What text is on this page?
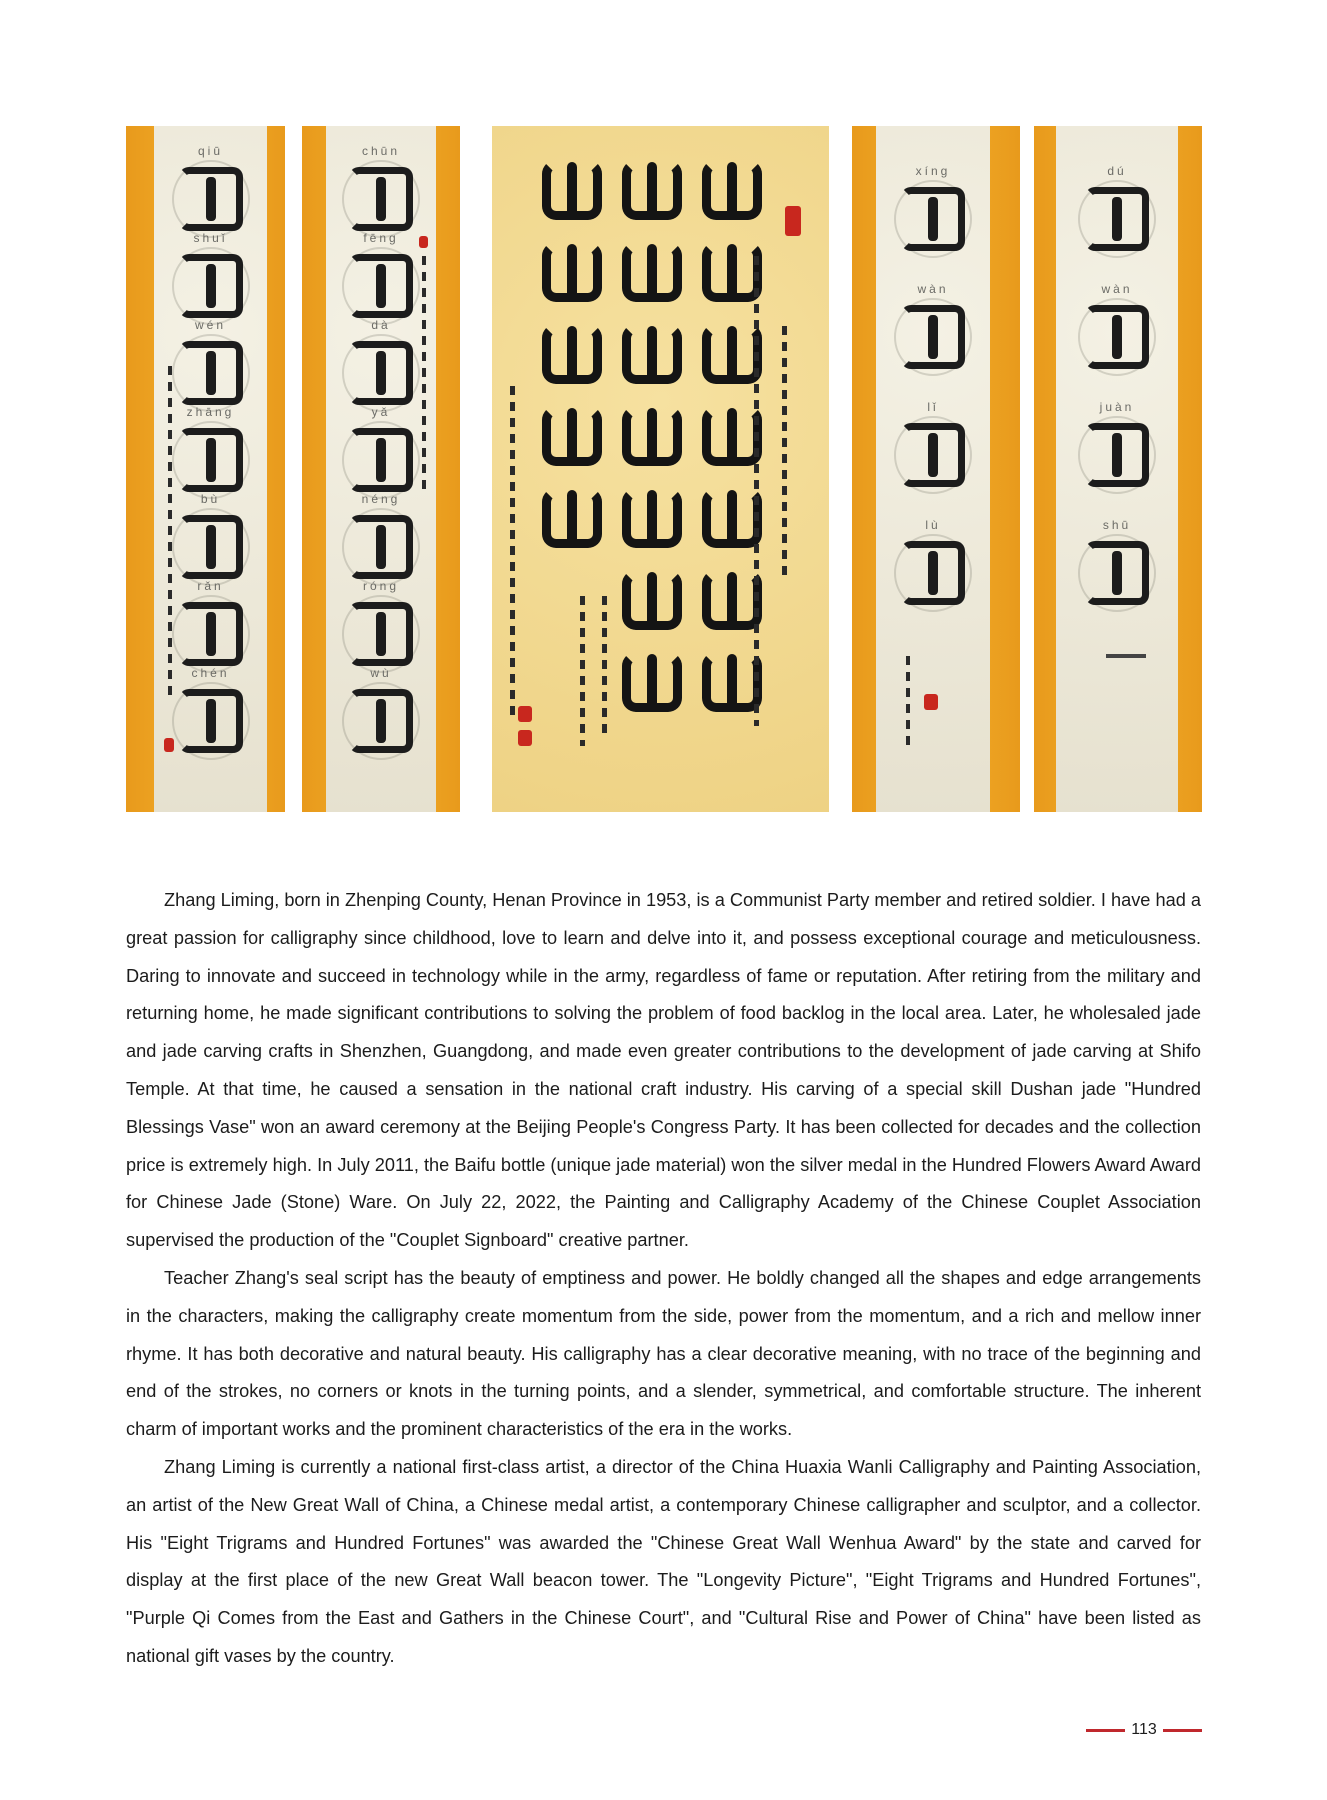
qiū
shuǐ
wén
zhāng
bù
rǎn
chén
chūn
fēng
dà
yǎ
néng
róng
wù
xíng
wàn
lǐ
lù
dú
wàn
juàn
shū

Zhang Liming, born in Zhenping County, Henan Province in 1953, is a Communist Party member and retired soldier. I have had a great passion for calligraphy since childhood, love to learn and delve into it, and possess exceptional courage and meticulousness. Daring to innovate and succeed in technology while in the army, regardless of fame or reputation. After retiring from the military and returning home, he made significant contributions to solving the problem of food backlog in the local area. Later, he wholesaled jade and jade carving crafts in Shenzhen, Guangdong, and made even greater contributions to the development of jade carving at Shifo Temple. At that time, he caused a sensation in the national craft industry. His carving of a special skill Dushan jade "Hundred Blessings Vase" won an award ceremony at the Beijing People's Congress Party. It has been collected for decades and the collection price is extremely high. In July 2011, the Baifu bottle (unique jade material) won the silver medal in the Hundred Flowers Award Award for Chinese Jade (Stone) Ware. On July 22, 2022, the Painting and Calligraphy Academy of the Chinese Couplet Association supervised the production of the "Couplet Signboard" creative partner.

Teacher Zhang's seal script has the beauty of emptiness and power. He boldly changed all the shapes and edge arrangements in the characters, making the calligraphy create momentum from the side, power from the momentum, and a rich and mellow inner rhyme. It has both decorative and natural beauty. His calligraphy has a clear decorative meaning, with no trace of the beginning and end of the strokes, no corners or knots in the turning points, and a slender, symmetrical, and comfortable structure. The inherent charm of important works and the prominent characteristics of the era in the works.

Zhang Liming is currently a national first-class artist, a director of the China Huaxia Wanli Calligraphy and Painting Association, an artist of the New Great Wall of China, a Chinese medal artist, a contemporary Chinese calligrapher and sculptor, and a collector. His "Eight Trigrams and Hundred Fortunes" was awarded the "Chinese Great Wall Wenhua Award" by the state and carved for display at the first place of the new Great Wall beacon tower. The "Longevity Picture", "Eight Trigrams and Hundred Fortunes", "Purple Qi Comes from the East and Gathers in the Chinese Court", and "Cultural Rise and Power of China" have been listed as national gift vases by the country.

113
